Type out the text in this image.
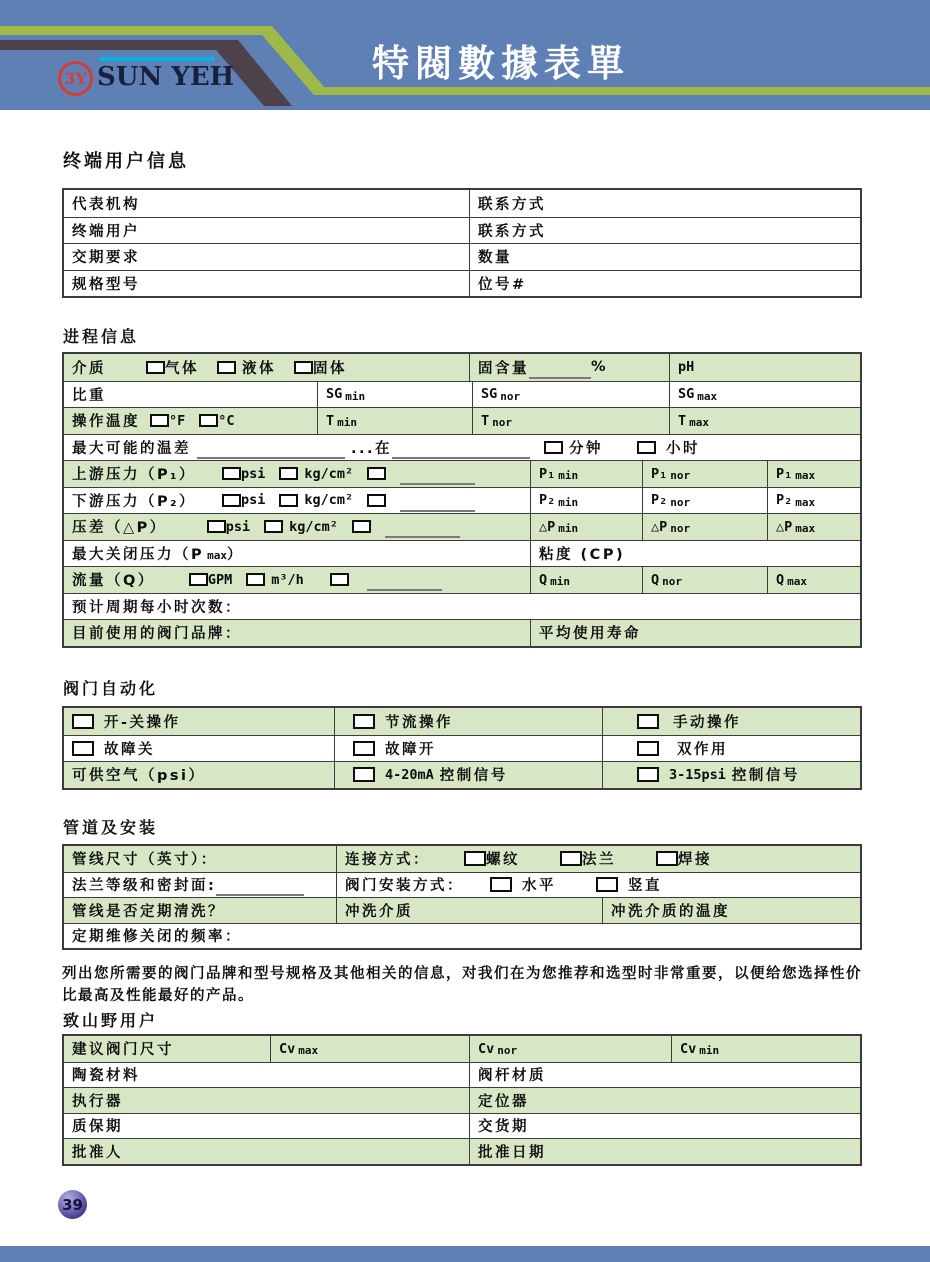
3Y SUN YEH	特閥數據表單
终端用户信息
代表机构	联系方式
终端用户	联系方式
交期要求	数量
规格型号	位号#
进程信息
介质	气体	液体	固体	固含量	%	pH
比重	SG min	SG nor	SG max
操作温度 °F °C	T min	T nor	T max
最大可能的温差	...在	分钟	小时
上游压力（P₁）	psi	kg/cm²	P₁ min	P₁ nor	P₁ max
下游压力（P₂）	psi	kg/cm²	P₂ min	P₂ nor	P₂ max
压差（△P）	psi	kg/cm²	△P min	△P nor	△P max
最大关闭压力（P max ）	粘度 (CP)
流量（Q）	GPM	m³/h	Q min	Q nor	Q max
预计周期每小时次数：
目前使用的阀门品牌：	平均使用寿命
阀门自动化
开-关操作	节流操作	手动操作
故障关	故障开	双作用
可供空气（psi）	4-20mA 控制信号	3-15psi 控制信号
管道及安装
管线尺寸（英寸）：	连接方式：	螺纹	法兰	焊接
法兰等级和密封面:	阀门安装方式：	水平	竖直
管线是否定期清洗？	冲洗介质	冲洗介质的温度
定期维修关闭的频率：
列出您所需要的阀门品牌和型号规格及其他相关的信息，对我们在为您推荐和选型时非常重要，以便给您选择性价比最高及性能最好的产品。
致山野用户
建议阀门尺寸	Cv max	Cv nor	Cv min
陶瓷材料	阀杆材质
执行器	定位器
质保期	交货期
批准人	批准日期
39
